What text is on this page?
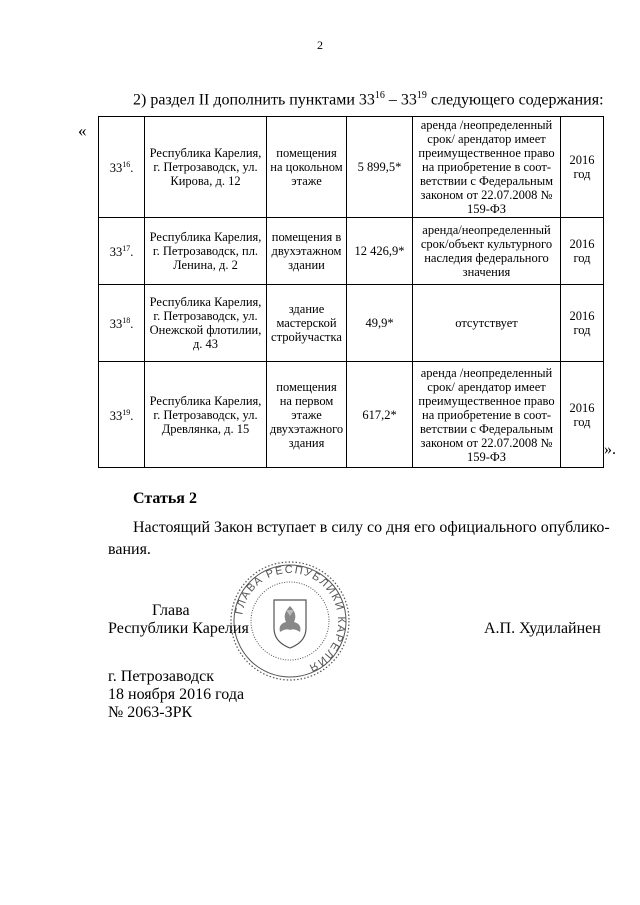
2
2) раздел II дополнить пунктами $33^{16} - 33^{19}$ следующего содержания:
«
$33^{16}$.	Республика Карелия, г. Петрозаводск, ул. Кирова, д. 12	помещения на цокольном этаже	5 899,5*	аренда /неопределенный срок/ арендатор имеет преимущественное право на приобретение в соот-ветствии с Федеральным законом от 22.07.2008 № 159-ФЗ	2016 год
$33^{17}$.	Республика Карелия, г. Петрозаводск, пл. Ленина, д. 2	помещения в двухэтажном здании	12 426,9*	аренда/неопределенный срок/объект культурного наследия федерального значения	2016 год
$33^{18}$.	Республика Карелия, г. Петрозаводск, ул. Онежской флотилии, д. 43	здание мастерской стройучастка	49,9*	отсутствует	2016 год
$33^{19}$.	Республика Карелия, г. Петрозаводск, ул. Древлянка, д. 15	помещения на первом этаже двухэтажного здания	617,2*	аренда /неопределенный срок/ арендатор имеет преимущественное право на приобретение в соот-ветствии с Федеральным законом от 22.07.2008 № 159-ФЗ	2016 год
».
Статья 2
Настоящий Закон вступает в силу со дня его официального опублико-
вания.
ГЛАВА РЕСПУБЛИКИ КАРЕЛИЯ
Глава
Республики Карелия	А.П. Худилайнен
г. Петрозаводск
18 ноября 2016 года
№ 2063-ЗРК
